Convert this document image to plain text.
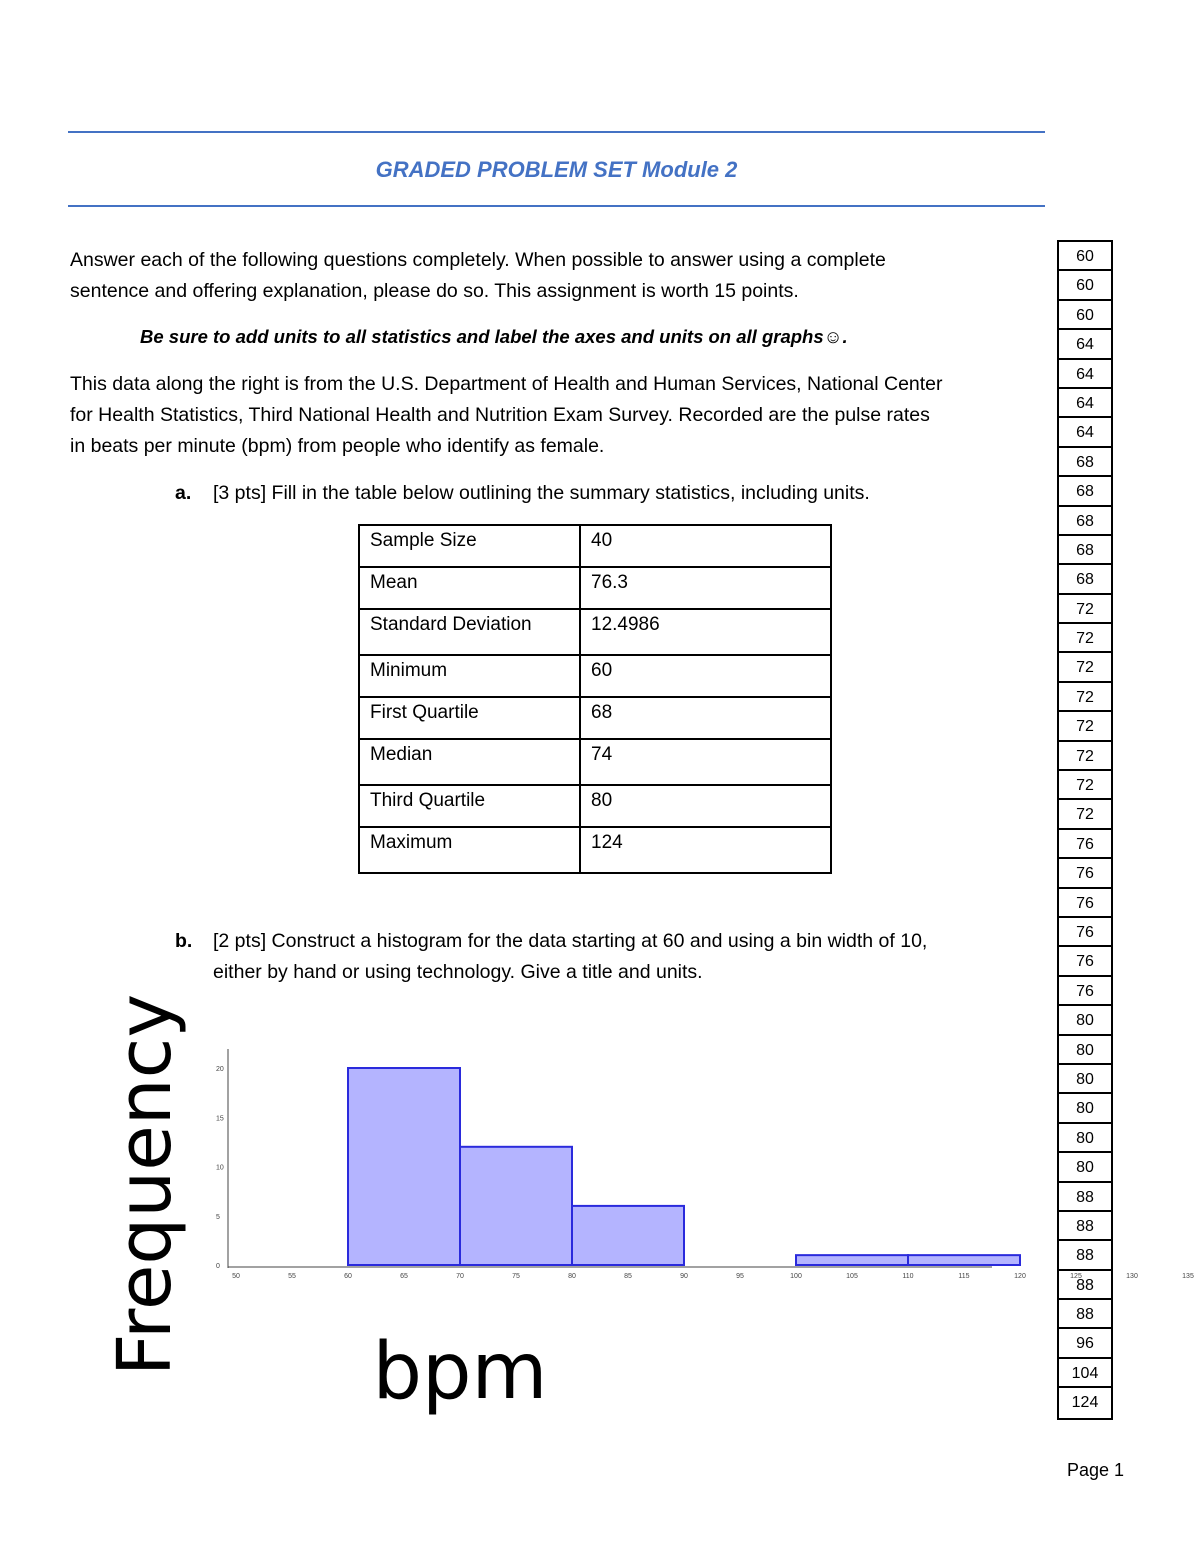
GRADED PROBLEM SET Module 2
Answer each of the following questions completely. When possible to answer using a complete
sentence and offering explanation, please do so. This assignment is worth 15 points.
Be sure to add units to all statistics and label the axes and units on all graphs☺.
This data along the right is from the U.S. Department of Health and Human Services, National Center
for Health Statistics, Third National Health and Nutrition Exam Survey. Recorded are the pulse rates
in beats per minute (bpm) from people who identify as female.
a. [3 pts] Fill in the table below outlining the summary statistics, including units.
Sample Size	40
Mean	76.3
Standard Deviation	12.4986
Minimum	60
First Quartile	68
Median	74
Third Quartile	80
Maximum	124
b. [2 pts] Construct a histogram for the data starting at 60 and using a bin width of 10,
either by hand or using technology. Give a title and units.
0
5
10
15
20
50	55	60	65	70	75	80	85	90	95	100	105	110	115	120	125	130	135
Frequency bpm
60
60
60
64
64
64
64
68
68
68
68
68
72
72
72
72
72
72
72
72
76
76
76
76
76
76
80
80
80
80
80
80
88
88
88
88
88
96
104
124
Page 1
